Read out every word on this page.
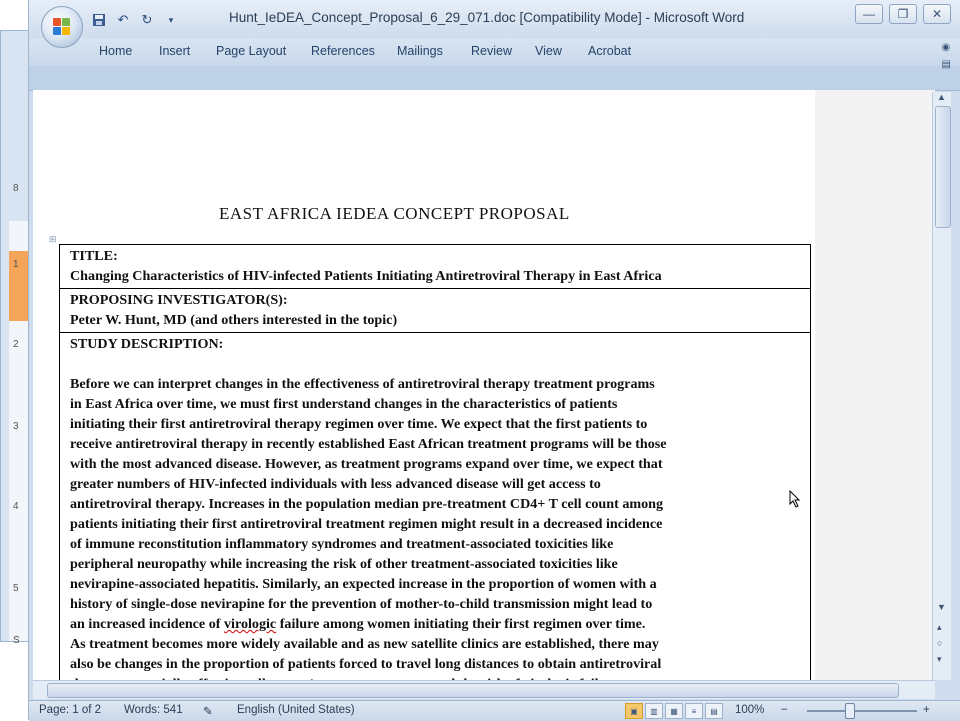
8
1
2
3
4
5
S
↶ ↻	▾	Hunt_IeDEA_Concept_Proposal_6_29_071.doc [Compatibility Mode] - Microsoft Word	—	❐	✕
Home Insert Page Layout References Mailings Review View Acrobat	◉
▤
EAST AFRICA IEDEA CONCEPT PROPOSAL
⊞
TITLE:
Changing Characteristics of HIV-infected Patients Initiating Antiretroviral Therapy in East Africa
PROPOSING INVESTIGATOR(S):
Peter W. Hunt, MD (and others interested in the topic)
STUDY DESCRIPTION:
Before we can interpret changes in the effectiveness of antiretroviral therapy treatment programs
in East Africa over time, we must first understand changes in the characteristics of patients
initiating their first antiretroviral therapy regimen over time. We expect that the first patients to
receive antiretroviral therapy in recently established East African treatment programs will be those
with the most advanced disease. However, as treatment programs expand over time, we expect that
greater numbers of HIV-infected individuals with less advanced disease will get access to
antiretroviral therapy. Increases in the population median pre-treatment CD4+ T cell count among
patients initiating their first antiretroviral treatment regimen might result in a decreased incidence
of immune reconstitution inflammatory syndromes and treatment-associated toxicities like
peripheral neuropathy while increasing the risk of other treatment-associated toxicities like
nevirapine-associated hepatitis. Similarly, an expected increase in the proportion of women with a
history of single-dose nevirapine for the prevention of mother-to-child transmission might lead to
an increased incidence of virologic failure among women initiating their first regimen over time.
As treatment becomes more widely available and as new satellite clinics are established, there may
also be changes in the proportion of patients forced to travel long distances to obtain antiretroviral
▲
▼
▴
○
▾
Page: 1 of 2 Words: 541 ✎ English (United States)	▣	▥	▦	≡	▤	100% −	+
